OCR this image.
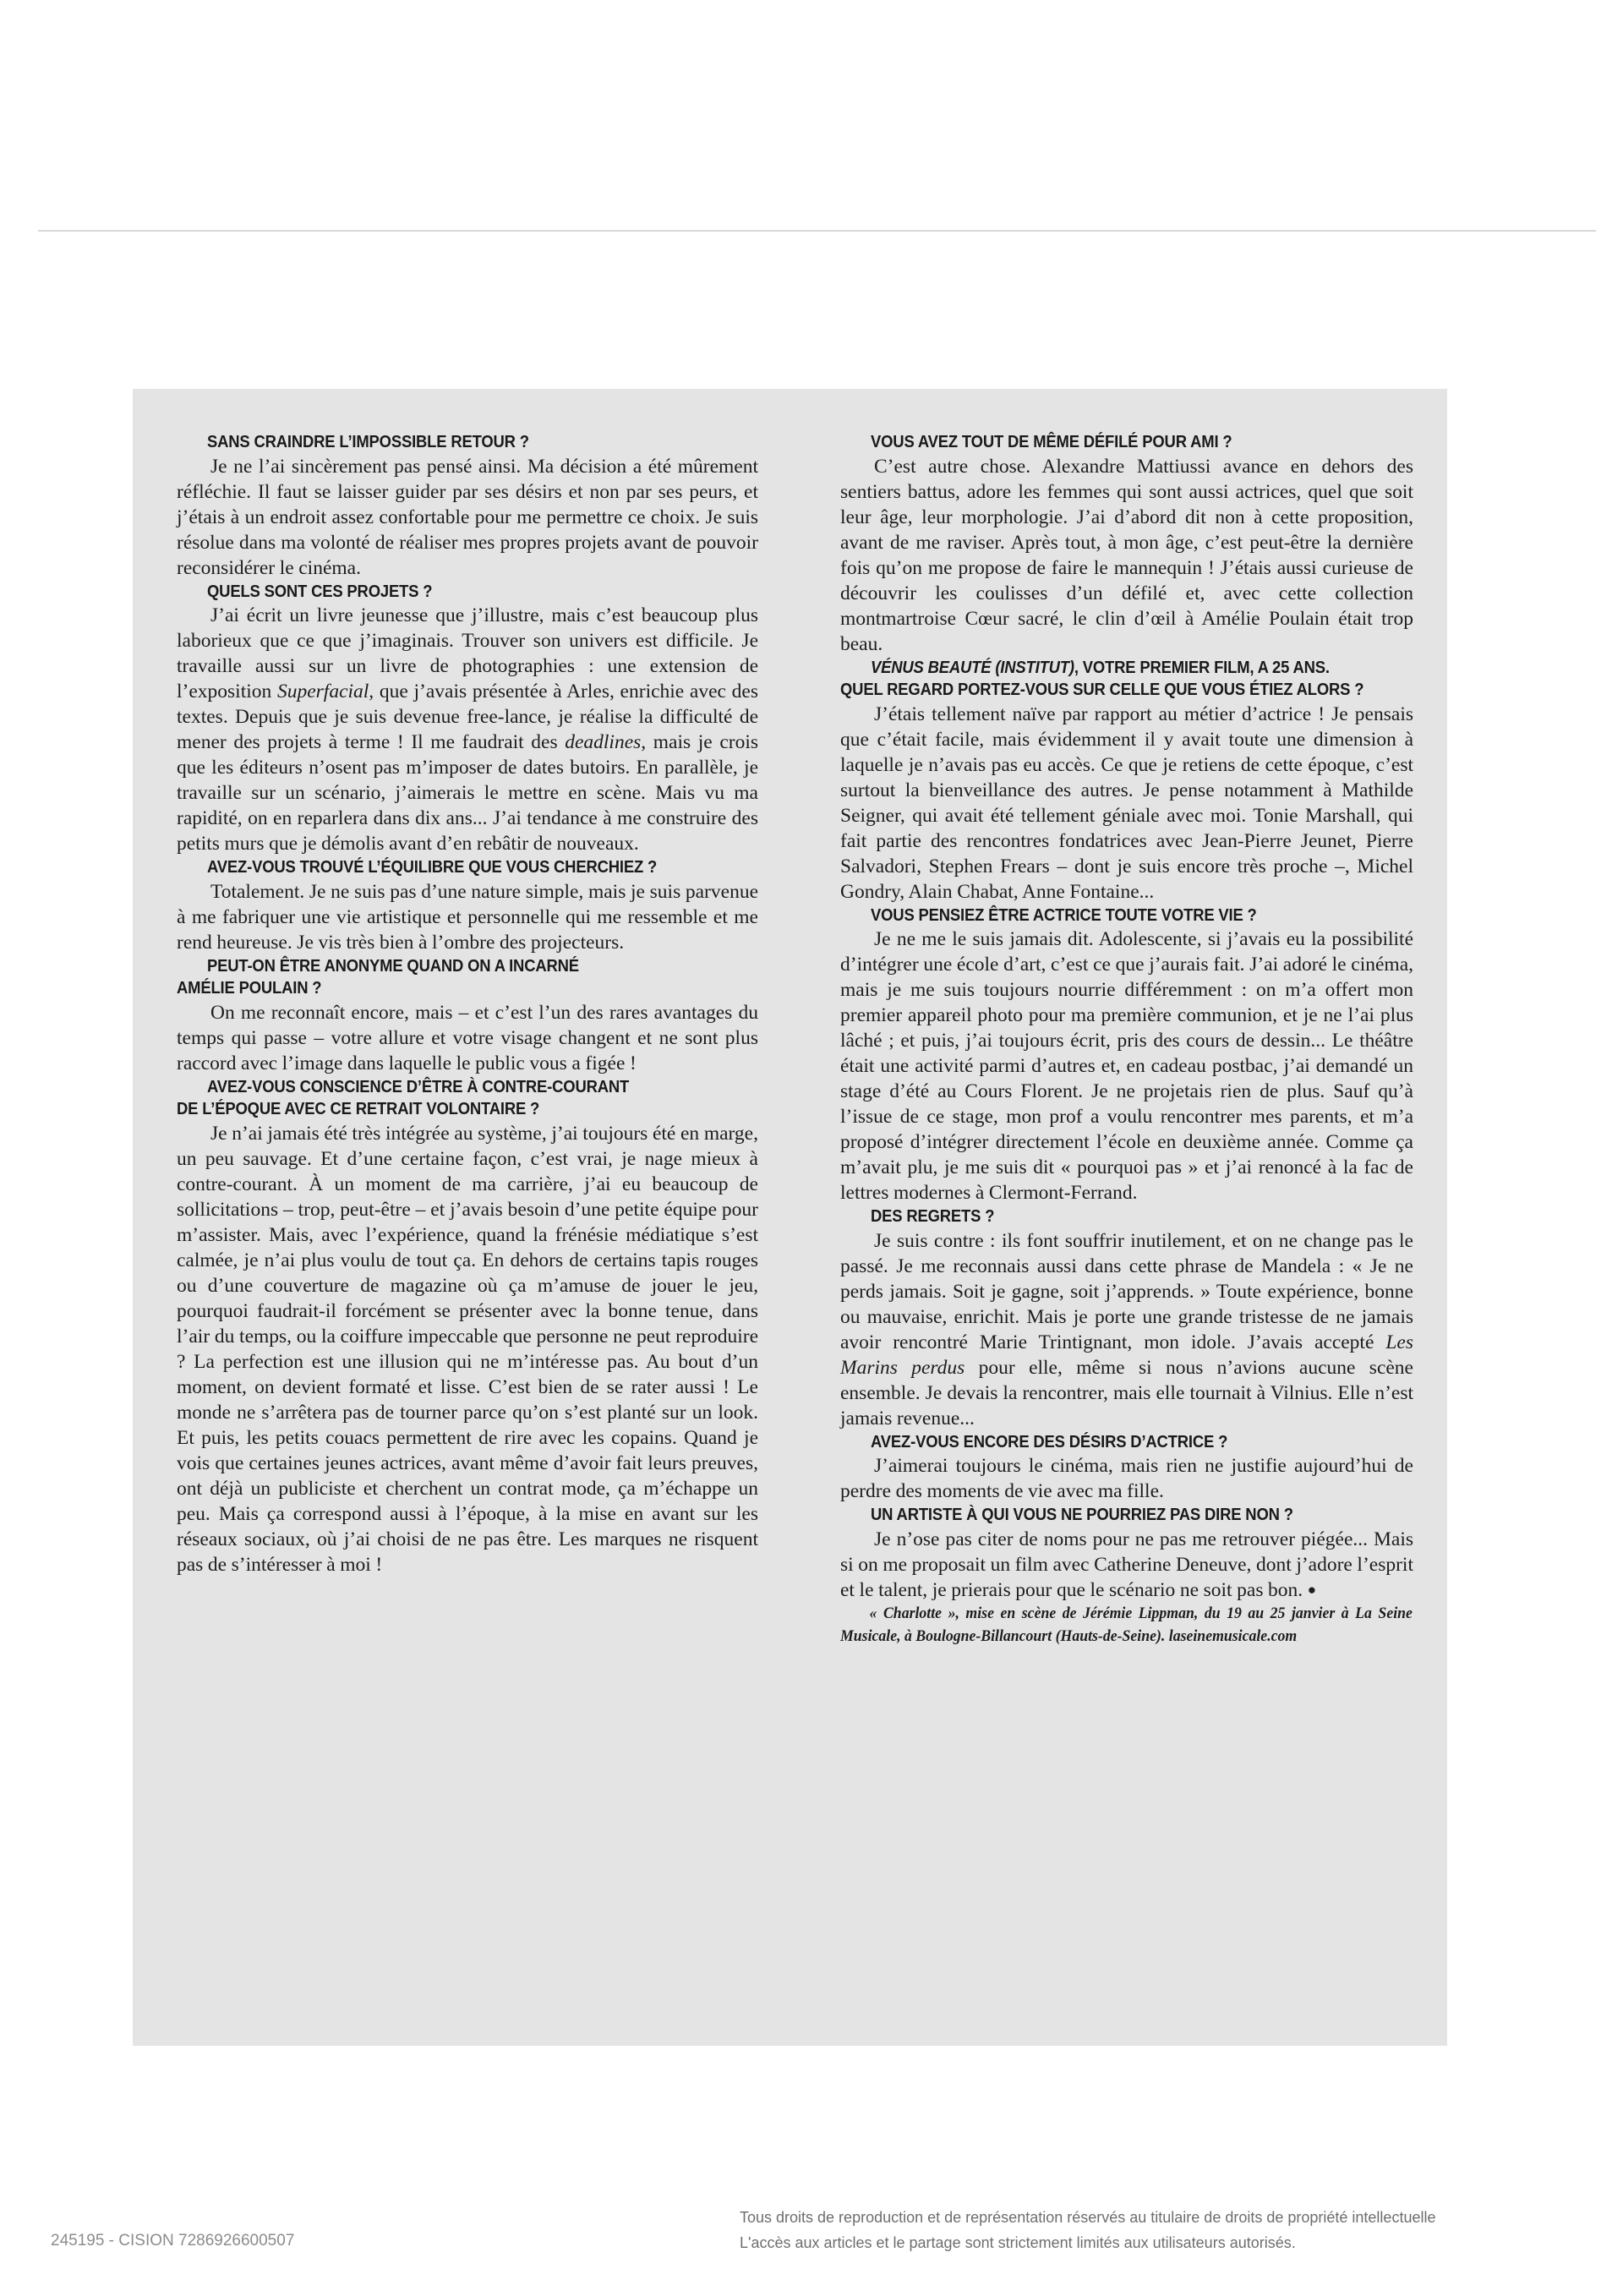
SANS CRAINDRE L’IMPOSSIBLE RETOUR ?

Je ne l’ai sincèrement pas pensé ainsi. Ma décision a été mûrement réfléchie. Il faut se laisser guider par ses désirs et non par ses peurs, et j’étais à un endroit assez confortable pour me permettre ce choix. Je suis résolue dans ma volonté de réaliser mes propres projets avant de pouvoir reconsidérer le cinéma.

QUELS SONT CES PROJETS ?

J’ai écrit un livre jeunesse que j’illustre, mais c’est beaucoup plus laborieux que ce que j’imaginais. Trouver son univers est difficile. Je travaille aussi sur un livre de photographies : une extension de l’exposition Superfacial, que j’avais présentée à Arles, enrichie avec des textes. Depuis que je suis devenue free-lance, je réalise la difficulté de mener des projets à terme ! Il me faudrait des deadlines, mais je crois que les éditeurs n’osent pas m’imposer de dates butoirs. En parallèle, je travaille sur un scénario, j’aimerais le mettre en scène. Mais vu ma rapidité, on en reparlera dans dix ans... J’ai tendance à me construire des petits murs que je démolis avant d’en rebâtir de nouveaux.

AVEZ-VOUS TROUVÉ L’ÉQUILIBRE QUE VOUS CHERCHIEZ ?

Totalement. Je ne suis pas d’une nature simple, mais je suis parvenue à me fabriquer une vie artistique et personnelle qui me ressemble et me rend heureuse. Je vis très bien à l’ombre des projecteurs.

PEUT-ON ÊTRE ANONYME QUAND ON A INCARNÉ

AMÉLIE POULAIN ?

On me reconnaît encore, mais – et c’est l’un des rares avantages du temps qui passe – votre allure et votre visage changent et ne sont plus raccord avec l’image dans laquelle le public vous a figée !

AVEZ-VOUS CONSCIENCE D’ÊTRE À CONTRE-COURANT

DE L’ÉPOQUE AVEC CE RETRAIT VOLONTAIRE ?

Je n’ai jamais été très intégrée au système, j’ai toujours été en marge, un peu sauvage. Et d’une certaine façon, c’est vrai, je nage mieux à contre-courant. À un moment de ma carrière, j’ai eu beaucoup de sollicitations – trop, peut-être – et j’avais besoin d’une petite équipe pour m’assister. Mais, avec l’expérience, quand la frénésie médiatique s’est calmée, je n’ai plus voulu de tout ça. En dehors de certains tapis rouges ou d’une couverture de magazine où ça m’amuse de jouer le jeu, pourquoi faudrait-il forcément se présenter avec la bonne tenue, dans l’air du temps, ou la coiffure impeccable que personne ne peut reproduire ? La perfection est une illusion qui ne m’intéresse pas. Au bout d’un moment, on devient formaté et lisse. C’est bien de se rater aussi ! Le monde ne s’arrêtera pas de tourner parce qu’on s’est planté sur un look. Et puis, les petits couacs permettent de rire avec les copains. Quand je vois que certaines jeunes actrices, avant même d’avoir fait leurs preuves, ont déjà un publiciste et cherchent un contrat mode, ça m’échappe un peu. Mais ça correspond aussi à l’époque, à la mise en avant sur les réseaux sociaux, où j’ai choisi de ne pas être. Les marques ne risquent pas de s’intéresser à moi !

VOUS AVEZ TOUT DE MÊME DÉFILÉ POUR AMI ?

C’est autre chose. Alexandre Mattiussi avance en dehors des sentiers battus, adore les femmes qui sont aussi actrices, quel que soit leur âge, leur morphologie. J’ai d’abord dit non à cette proposition, avant de me raviser. Après tout, à mon âge, c’est peut-être la dernière fois qu’on me propose de faire le mannequin ! J’étais aussi curieuse de découvrir les coulisses d’un défilé et, avec cette collection montmartroise Cœur sacré, le clin d’œil à Amélie Poulain était trop beau.

VÉNUS BEAUTÉ (INSTITUT), VOTRE PREMIER FILM, A 25 ANS.

QUEL REGARD PORTEZ-VOUS SUR CELLE QUE VOUS ÉTIEZ ALORS ?

J’étais tellement naïve par rapport au métier d’actrice ! Je pensais que c’était facile, mais évidemment il y avait toute une dimension à laquelle je n’avais pas eu accès. Ce que je retiens de cette époque, c’est surtout la bienveillance des autres. Je pense notamment à Mathilde Seigner, qui avait été tellement géniale avec moi. Tonie Marshall, qui fait partie des rencontres fondatrices avec Jean-Pierre Jeunet, Pierre Salvadori, Stephen Frears – dont je suis encore très proche –, Michel Gondry, Alain Chabat, Anne Fontaine...

VOUS PENSIEZ ÊTRE ACTRICE TOUTE VOTRE VIE ?

Je ne me le suis jamais dit. Adolescente, si j’avais eu la possibilité d’intégrer une école d’art, c’est ce que j’aurais fait. J’ai adoré le cinéma, mais je me suis toujours nourrie différemment : on m’a offert mon premier appareil photo pour ma première communion, et je ne l’ai plus lâché ; et puis, j’ai toujours écrit, pris des cours de dessin... Le théâtre était une activité parmi d’autres et, en cadeau postbac, j’ai demandé un stage d’été au Cours Florent. Je ne projetais rien de plus. Sauf qu’à l’issue de ce stage, mon prof a voulu rencontrer mes parents, et m’a proposé d’intégrer directement l’école en deuxième année. Comme ça m’avait plu, je me suis dit « pourquoi pas » et j’ai renoncé à la fac de lettres modernes à Clermont-Ferrand.

DES REGRETS ?

Je suis contre : ils font souffrir inutilement, et on ne change pas le passé. Je me reconnais aussi dans cette phrase de Mandela : « Je ne perds jamais. Soit je gagne, soit j’apprends. » Toute expérience, bonne ou mauvaise, enrichit. Mais je porte une grande tristesse de ne jamais avoir rencontré Marie Trintignant, mon idole. J’avais accepté Les Marins perdus pour elle, même si nous n’avions aucune scène ensemble. Je devais la rencontrer, mais elle tournait à Vilnius. Elle n’est jamais revenue...

AVEZ-VOUS ENCORE DES DÉSIRS D’ACTRICE ?

J’aimerai toujours le cinéma, mais rien ne justifie aujourd’hui de perdre des moments de vie avec ma fille.

UN ARTISTE À QUI VOUS NE POURRIEZ PAS DIRE NON ?

Je n’ose pas citer de noms pour ne pas me retrouver piégée... Mais si on me proposait un film avec Catherine Deneuve, dont j’adore l’esprit et le talent, je prierais pour que le scénario ne soit pas bon. ●

« Charlotte », mise en scène de Jérémie Lippman, du 19 au 25 janvier à La Seine Musicale, à Boulogne-Billancourt (Hauts-de-Seine). laseinemusicale.com

245195 - CISION 7286926600507
Tous droits de reproduction et de représentation réservés au titulaire de droits de propriété intellectuelle
L'accès aux articles et le partage sont strictement limités aux utilisateurs autorisés.
